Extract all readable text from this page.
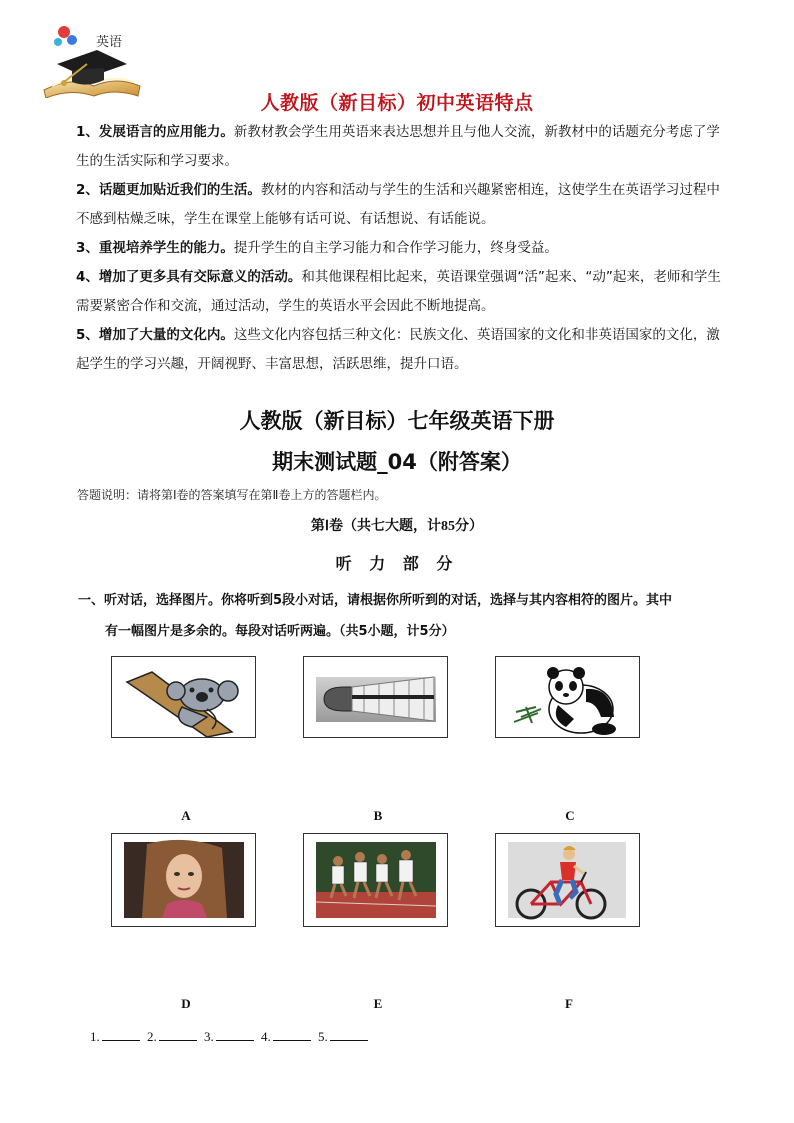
英语
人教版（新目标）初中英语特点
1、发展语言的应用能力。新教材教会学生用英语来表达思想并且与他人交流，新教材中的话题充分考虑了学生的生活实际和学习要求。
2、话题更加贴近我们的生活。教材的内容和活动与学生的生活和兴趣紧密相连，这使学生在英语学习过程中不感到枯燥乏味，学生在课堂上能够有话可说、有话想说、有话能说。
3、重视培养学生的能力。提升学生的自主学习能力和合作学习能力，终身受益。
4、增加了更多具有交际意义的活动。和其他课程相比起来，英语课堂强调“活”起来、“动”起来，老师和学生需要紧密合作和交流，通过活动，学生的英语水平会因此不断地提高。
5、增加了大量的文化内。这些文化内容包括三种文化：民族文化、英语国家的文化和非英语国家的文化，激起学生的学习兴趣，开阔视野、丰富思想，活跃思维，提升口语。
人教版（新目标）七年级英语下册
期末测试题_04（附答案）
答题说明：请将第Ⅰ卷的答案填写在第Ⅱ卷上方的答题栏内。
第Ⅰ卷（共七大题，计85分）
听 力 部 分
一、听对话，选择图片。你将听到5段小对话，请根据你所听到的对话，选择与其内容相符的图片。其中
有一幅图片是多余的。每段对话听两遍。（共5小题，计5分）
A	B	C
D	E	F
1.	2.	3.	4.	5.
